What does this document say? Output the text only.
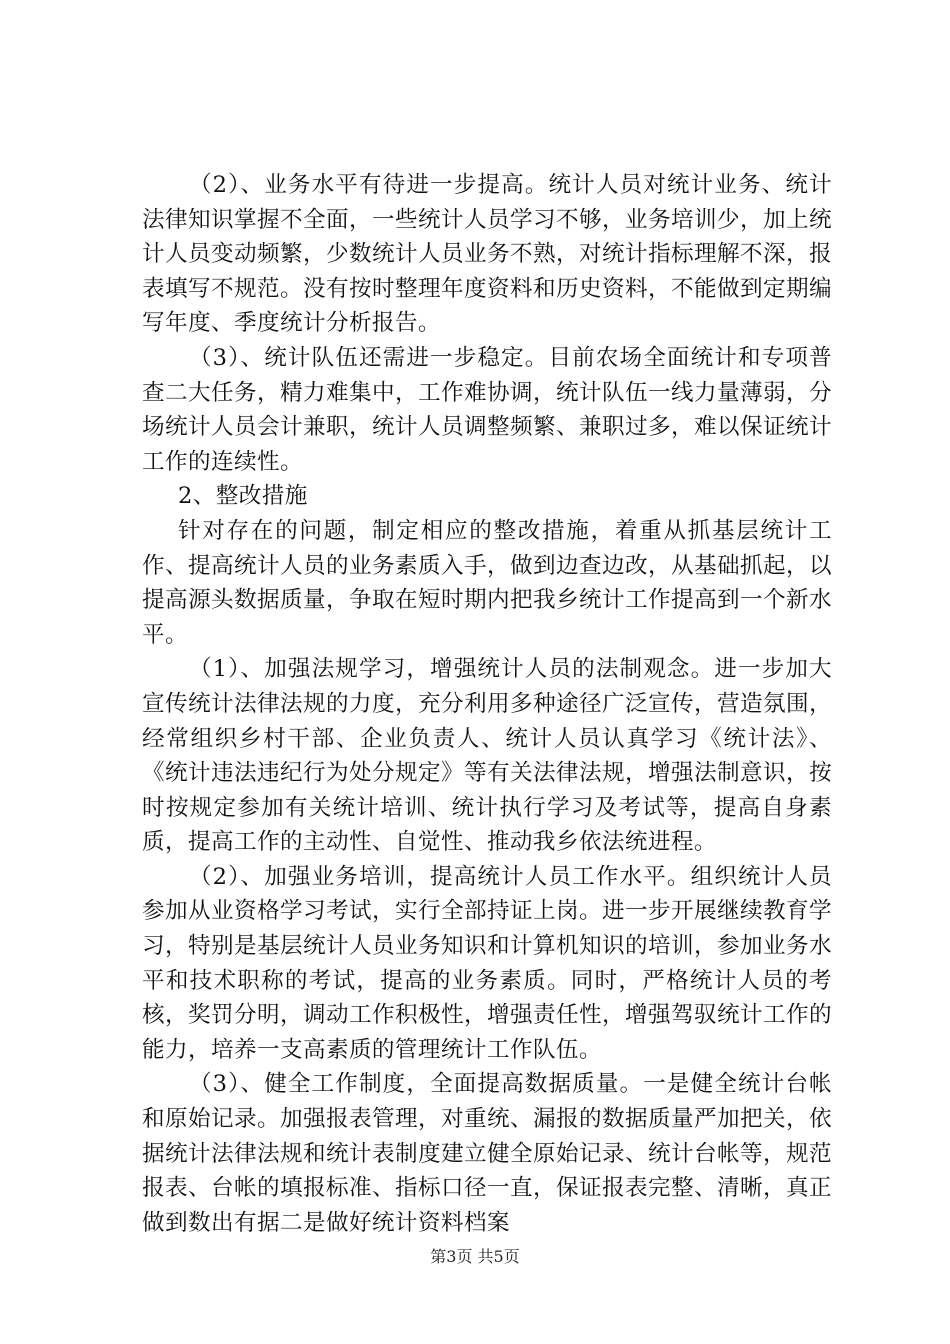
（2）、业务水平有待进一步提高。统计人员对统计业务、统计法律知识掌握不全面，一些统计人员学习不够，业务培训少，加上统计人员变动频繁，少数统计人员业务不熟，对统计指标理解不深，报表填写不规范。没有按时整理年度资料和历史资料，不能做到定期编写年度、季度统计分析报告。

（3）、统计队伍还需进一步稳定。目前农场全面统计和专项普查二大任务，精力难集中，工作难协调，统计队伍一线力量薄弱，分场统计人员会计兼职，统计人员调整频繁、兼职过多，难以保证统计工作的连续性。

2、整改措施

针对存在的问题，制定相应的整改措施，着重从抓基层统计工作、提高统计人员的业务素质入手，做到边查边改，从基础抓起，以提高源头数据质量，争取在短时期内把我乡统计工作提高到一个新水平。

（1）、加强法规学习，增强统计人员的法制观念。进一步加大宣传统计法律法规的力度，充分利用多种途径广泛宣传，营造氛围，经常组织乡村干部、企业负责人、统计人员认真学习《统计法》、《统计违法违纪行为处分规定》等有关法律法规，增强法制意识，按时按规定参加有关统计培训、统计执行学习及考试等，提高自身素质，提高工作的主动性、自觉性、推动我乡依法统进程。

（2）、加强业务培训，提高统计人员工作水平。组织统计人员参加从业资格学习考试，实行全部持证上岗。进一步开展继续教育学习，特别是基层统计人员业务知识和计算机知识的培训，参加业务水平和技术职称的考试，提高的业务素质。同时，严格统计人员的考核，奖罚分明，调动工作积极性，增强责任性，增强驾驭统计工作的能力，培养一支高素质的管理统计工作队伍。

（3）、健全工作制度，全面提高数据质量。一是健全统计台帐和原始记录。加强报表管理，对重统、漏报的数据质量严加把关，依据统计法律法规和统计表制度建立健全原始记录、统计台帐等，规范报表、台帐的填报标准、指标口径一直，保证报表完整、清晰，真正做到数出有据二是做好统计资料档案

第3页 共5页
